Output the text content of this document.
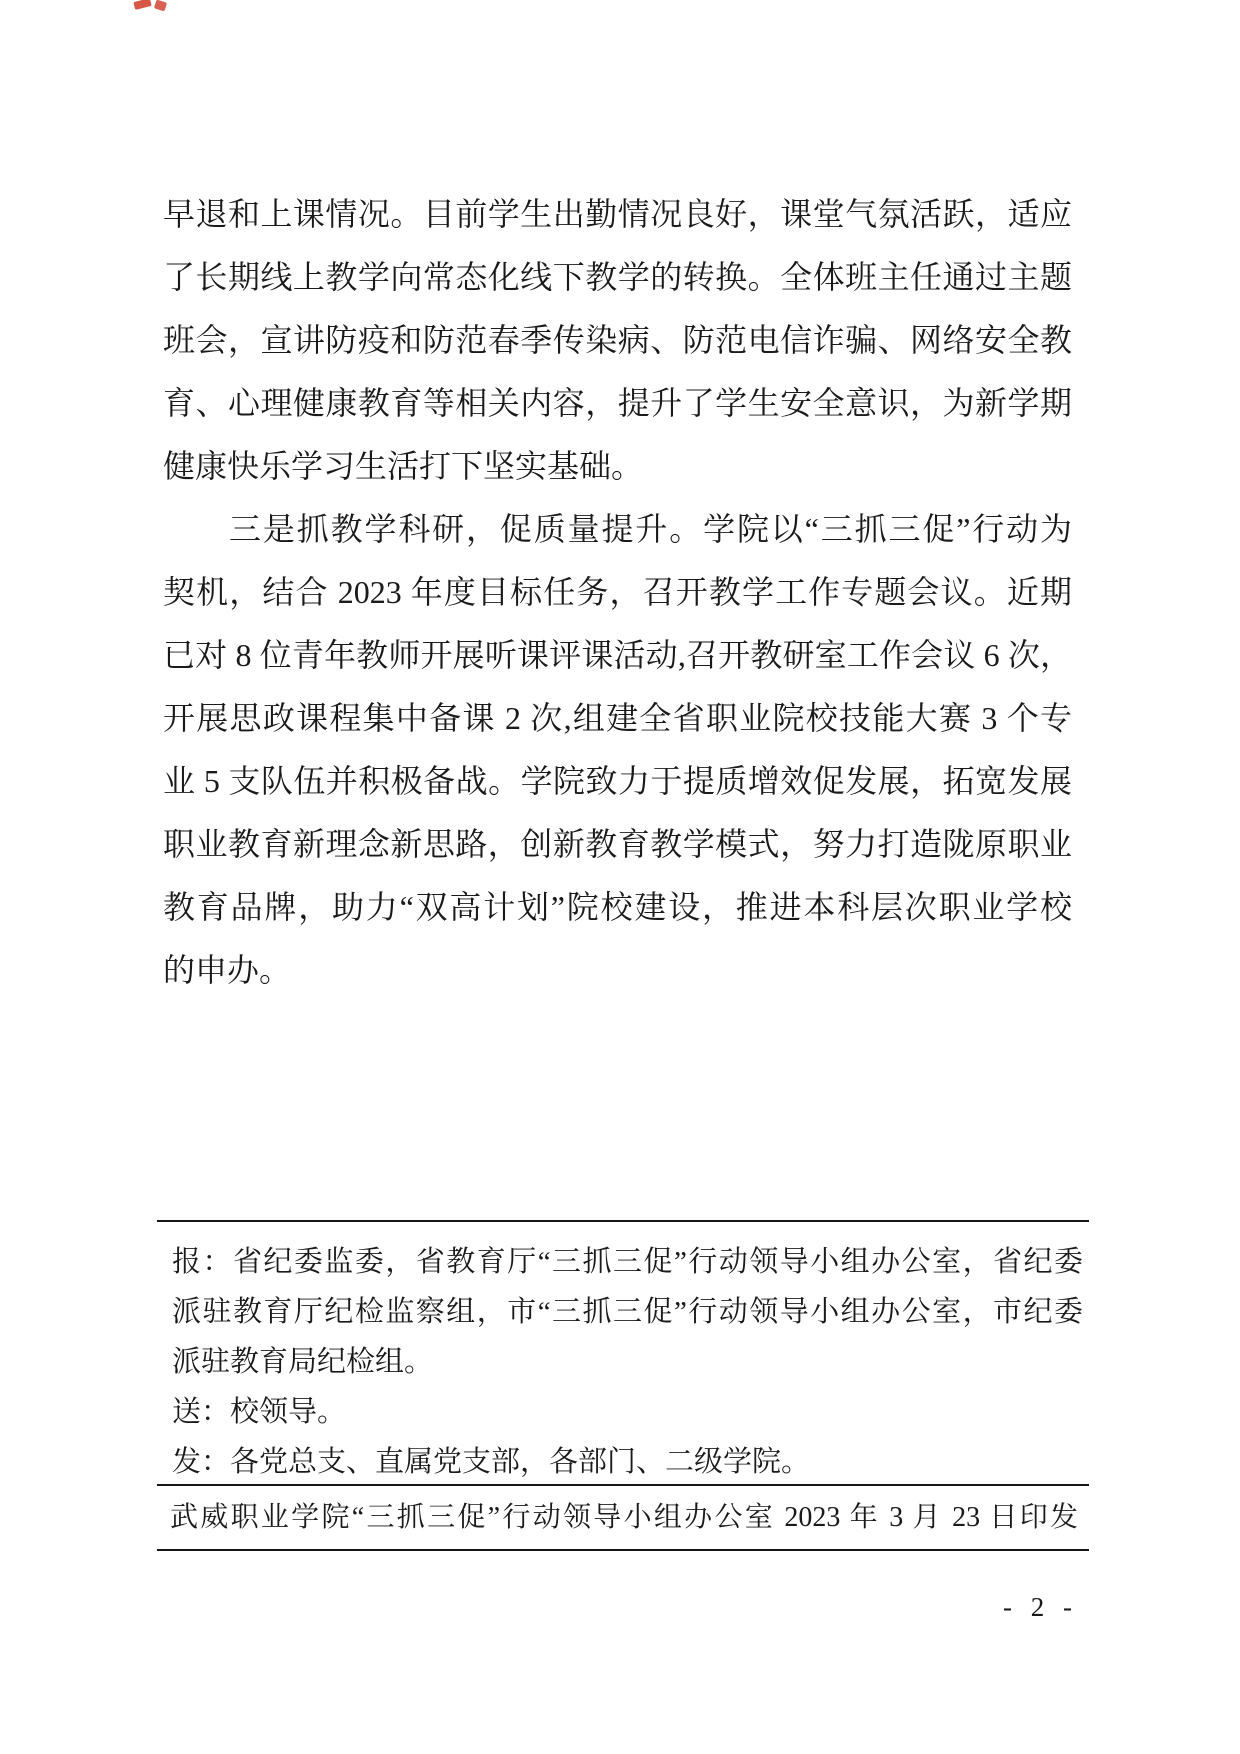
早退和上课情况。目前学生出勤情况良好，课堂气氛活跃，适应

了长期线上教学向常态化线下教学的转换。全体班主任通过主题

班会，宣讲防疫和防范春季传染病、防范电信诈骗、网络安全教

育、心理健康教育等相关内容，提升了学生安全意识，为新学期

健康快乐学习生活打下坚实基础。

三是抓教学科研，促质量提升。学院以“三抓三促”行动为

契机，结合 2023 年度目标任务，召开教学工作专题会议。近期

已对 8 位青年教师开展听课评课活动,召开教研室工作会议 6 次，

开展思政课程集中备课 2 次,组建全省职业院校技能大赛 3 个专

业 5 支队伍并积极备战。学院致力于提质增效促发展，拓宽发展

职业教育新理念新思路，创新教育教学模式，努力打造陇原职业

教育品牌，助力“双高计划”院校建设，推进本科层次职业学校

的申办。

报：省纪委监委，省教育厅“三抓三促”行动领导小组办公室，省纪委

派驻教育厅纪检监察组，市“三抓三促”行动领导小组办公室，市纪委

派驻教育局纪检组。

送：校领导。

发：各党总支、直属党支部，各部门、二级学院。

武威职业学院“三抓三促”行动领导小组办公室 2023 年 3 月 23 日印发

- 2 -
